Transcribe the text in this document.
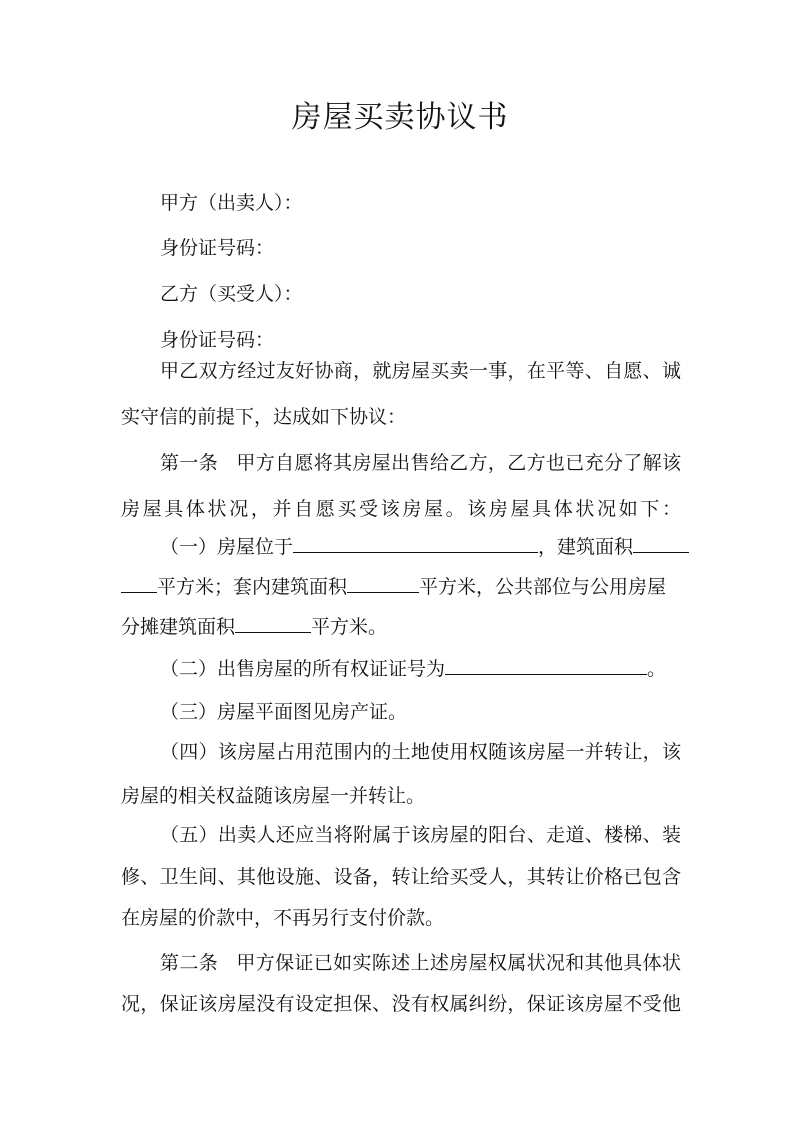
房屋买卖协议书
甲方（出卖人）：
身份证号码：
乙方（买受人）：
身份证号码：
甲乙双方经过友好协商，就房屋买卖一事，在平等、自愿、诚
实守信的前提下，达成如下协议：
第一条 甲方自愿将其房屋出售给乙方，乙方也已充分了解该
房屋具体状况，并自愿买受该房屋。该房屋具体状况如下：
（一）房屋位于	，建筑面积
平方米；套内建筑面积	平方米，公共部位与公用房屋
分摊建筑面积	平方米。
（二）出售房屋的所有权证证号为	。
（三）房屋平面图见房产证。
（四）该房屋占用范围内的土地使用权随该房屋一并转让，该
房屋的相关权益随该房屋一并转让。
（五）出卖人还应当将附属于该房屋的阳台、走道、楼梯、装
修、卫生间、其他设施、设备，转让给买受人，其转让价格已包含
在房屋的价款中，不再另行支付价款。
第二条 甲方保证已如实陈述上述房屋权属状况和其他具体状
况，保证该房屋没有设定担保、没有权属纠纷，保证该房屋不受他
